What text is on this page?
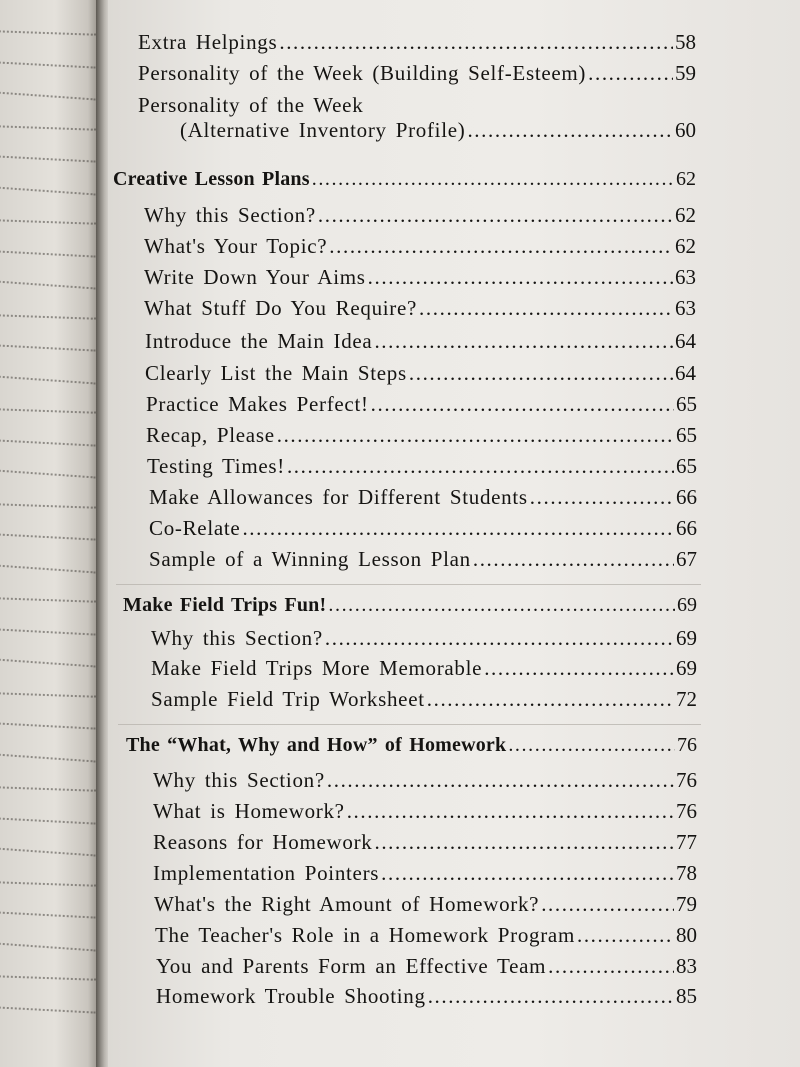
Extra Helpings .....	58
Personality of the Week (Building Self-Esteem) .....	59
Personality of the Week
(Alternative Inventory Profile) .....	60
Creative Lesson Plans .....	62
Why this Section? .....	62
What's Your Topic? .....	62
Write Down Your Aims .....	63
What Stuff Do You Require? .....	63
Introduce the Main Idea .....	64
Clearly List the Main Steps .....	64
Practice Makes Perfect! .....	65
Recap, Please .....	65
Testing Times! .....	65
Make Allowances for Different Students .....	66
Co-Relate .....	66
Sample of a Winning Lesson Plan .....	67
Make Field Trips Fun! .....	69
Why this Section? .....	69
Make Field Trips More Memorable .....	69
Sample Field Trip Worksheet .....	72
The “What, Why and How” of Homework .....	76
Why this Section? .....	76
What is Homework? .....	76
Reasons for Homework .....	77
Implementation Pointers .....	78
What's the Right Amount of Homework? .....	79
The Teacher's Role in a Homework Program .....	80
You and Parents Form an Effective Team .....	83
Homework Trouble Shooting .....	85
